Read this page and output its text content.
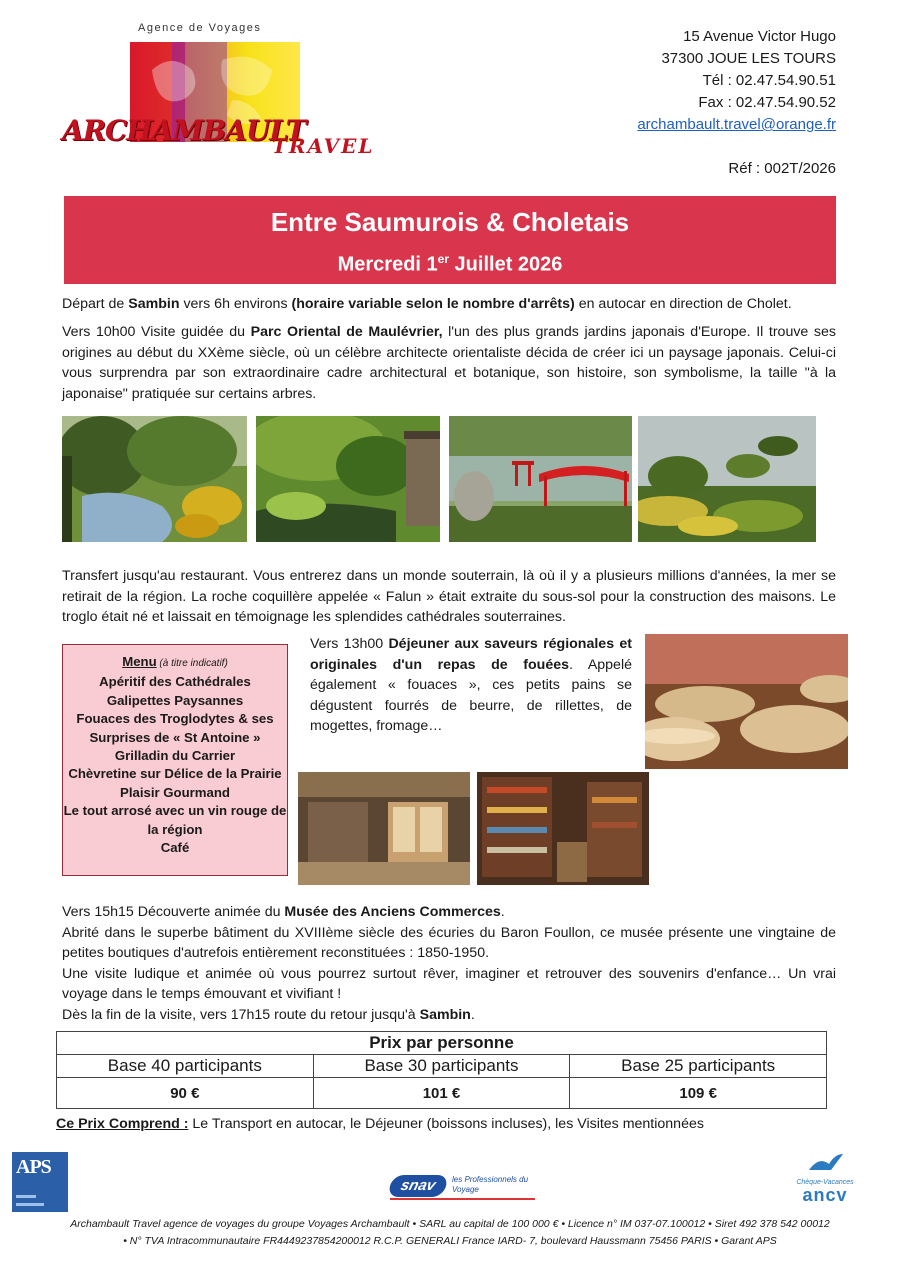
Agence de Voyages
ARCHAMBAULT
TRAVEL
15 Avenue Victor Hugo
37300 JOUE LES TOURS
Tél : 02.47.54.90.51
Fax : 02.47.54.90.52
archambault.travel@orange.fr
Réf : 002T/2026
Entre Saumurois & Choletais
Mercredi 1er Juillet 2026
Départ de Sambin vers 6h environs (horaire variable selon le nombre d'arrêts) en autocar en direction de Cholet.
Vers 10h00 Visite guidée du Parc Oriental de Maulévrier, l'un des plus grands jardins japonais d'Europe. Il trouve ses origines au début du XXème siècle, où un célèbre architecte orientaliste décida de créer ici un paysage japonais. Celui-ci vous surprendra par son extraordinaire cadre architectural et botanique, son histoire, son symbolisme, la taille "à la japonaise" pratiquée sur certains arbres.
Transfert jusqu'au restaurant. Vous entrerez dans un monde souterrain, là où il y a plusieurs millions d'années, la mer se retirait de la région. La roche coquillère appelée « Falun » était extraite du sous-sol pour la construction des maisons. Le troglo était né et laissait en témoignage les splendides cathédrales souterraines.
Menu (à titre indicatif)
Apéritif des Cathédrales
Galipettes Paysannes
Fouaces des Troglodytes & ses Surprises de « St Antoine »
Grilladin du Carrier
Chèvretine sur Délice de la Prairie
Plaisir Gourmand
Le tout arrosé avec un vin rouge de la région
Café
Vers 13h00 Déjeuner aux saveurs régionales et originales d'un repas de fouées. Appelé également « fouaces », ces petits pains se dégustent fourrés de beurre, de rillettes, de mogettes, fromage…
Vers 15h15 Découverte animée du Musée des Anciens Commerces.
Abrité dans le superbe bâtiment du XVIIIème siècle des écuries du Baron Foullon, ce musée présente une vingtaine de petites boutiques d'autrefois entièrement reconstituées : 1850-1950.
Une visite ludique et animée où vous pourrez surtout rêver, imaginer et retrouver des souvenirs d'enfance… Un vrai voyage dans le temps émouvant et vivifiant !
Dès la fin de la visite, vers 17h15 route du retour jusqu'à Sambin.
Prix par personne		
Base 40 participants	Base 30 participants	Base 25 participants
90 €	101 €	109 €
Ce Prix Comprend : Le Transport en autocar, le Déjeuner (boissons incluses), les Visites mentionnées
APS
snav	les Professionnels du Voyage
Chèque-Vacances
ancv
Archambault Travel agence de voyages du groupe Voyages Archambault • SARL au capital de 100 000 € • Licence n° IM 037-07.100012 • Siret 492 378 542 00012
• N° TVA Intracommunautaire FR4449237854200012 R.C.P. GENERALI France IARD- 7, boulevard Haussmann 75456 PARIS • Garant APS
